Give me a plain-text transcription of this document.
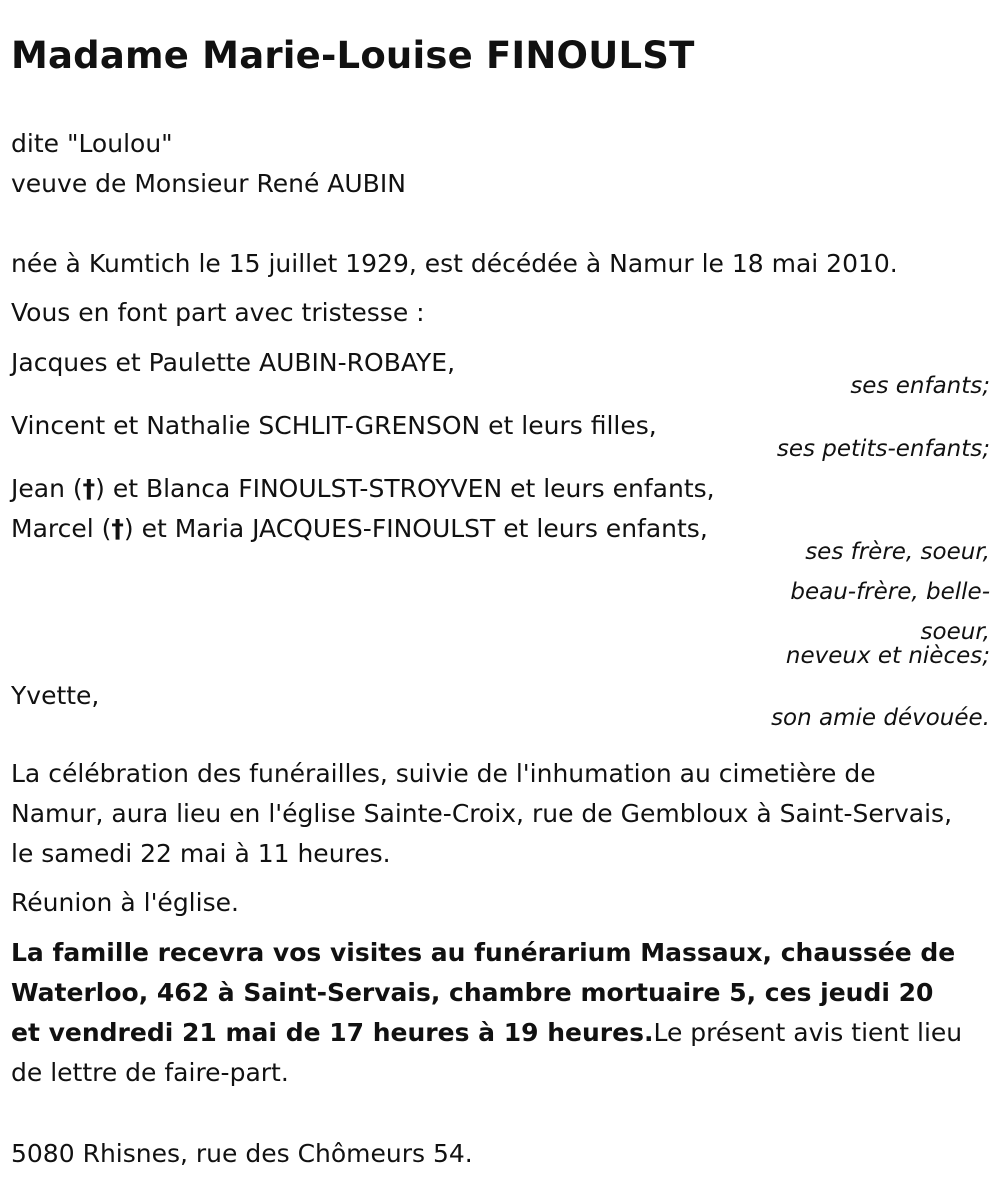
Madame Marie-Louise FINOULST
dite "Loulou"
veuve de Monsieur René AUBIN
née à Kumtich le 15 juillet 1929, est décédée à Namur le 18 mai 2010.
Vous en font part avec tristesse :
Jacques et Paulette AUBIN-ROBAYE,
ses enfants;
Vincent et Nathalie SCHLIT-GRENSON et leurs filles,
ses petits-enfants;
Jean (†) et Blanca FINOULST-STROYVEN et leurs enfants,
Marcel (†) et Maria JACQUES-FINOULST et leurs enfants,
ses frère, soeur,
beau-frère, belle-soeur,
neveux et nièces;
Yvette,
son amie dévouée.
La célébration des funérailles, suivie de l'inhumation au cimetière de Namur, aura lieu en l'église Sainte-Croix, rue de Gembloux à Saint-Servais, le samedi 22 mai à 11 heures.
Réunion à l'église.
La famille recevra vos visites au funérarium Massaux, chaussée de Waterloo, 462 à Saint-Servais, chambre mortuaire 5, ces jeudi 20 et vendredi 21 mai de 17 heures à 19 heures.Le présent avis tient lieu de lettre de faire-part.
5080 Rhisnes, rue des Chômeurs 54.
